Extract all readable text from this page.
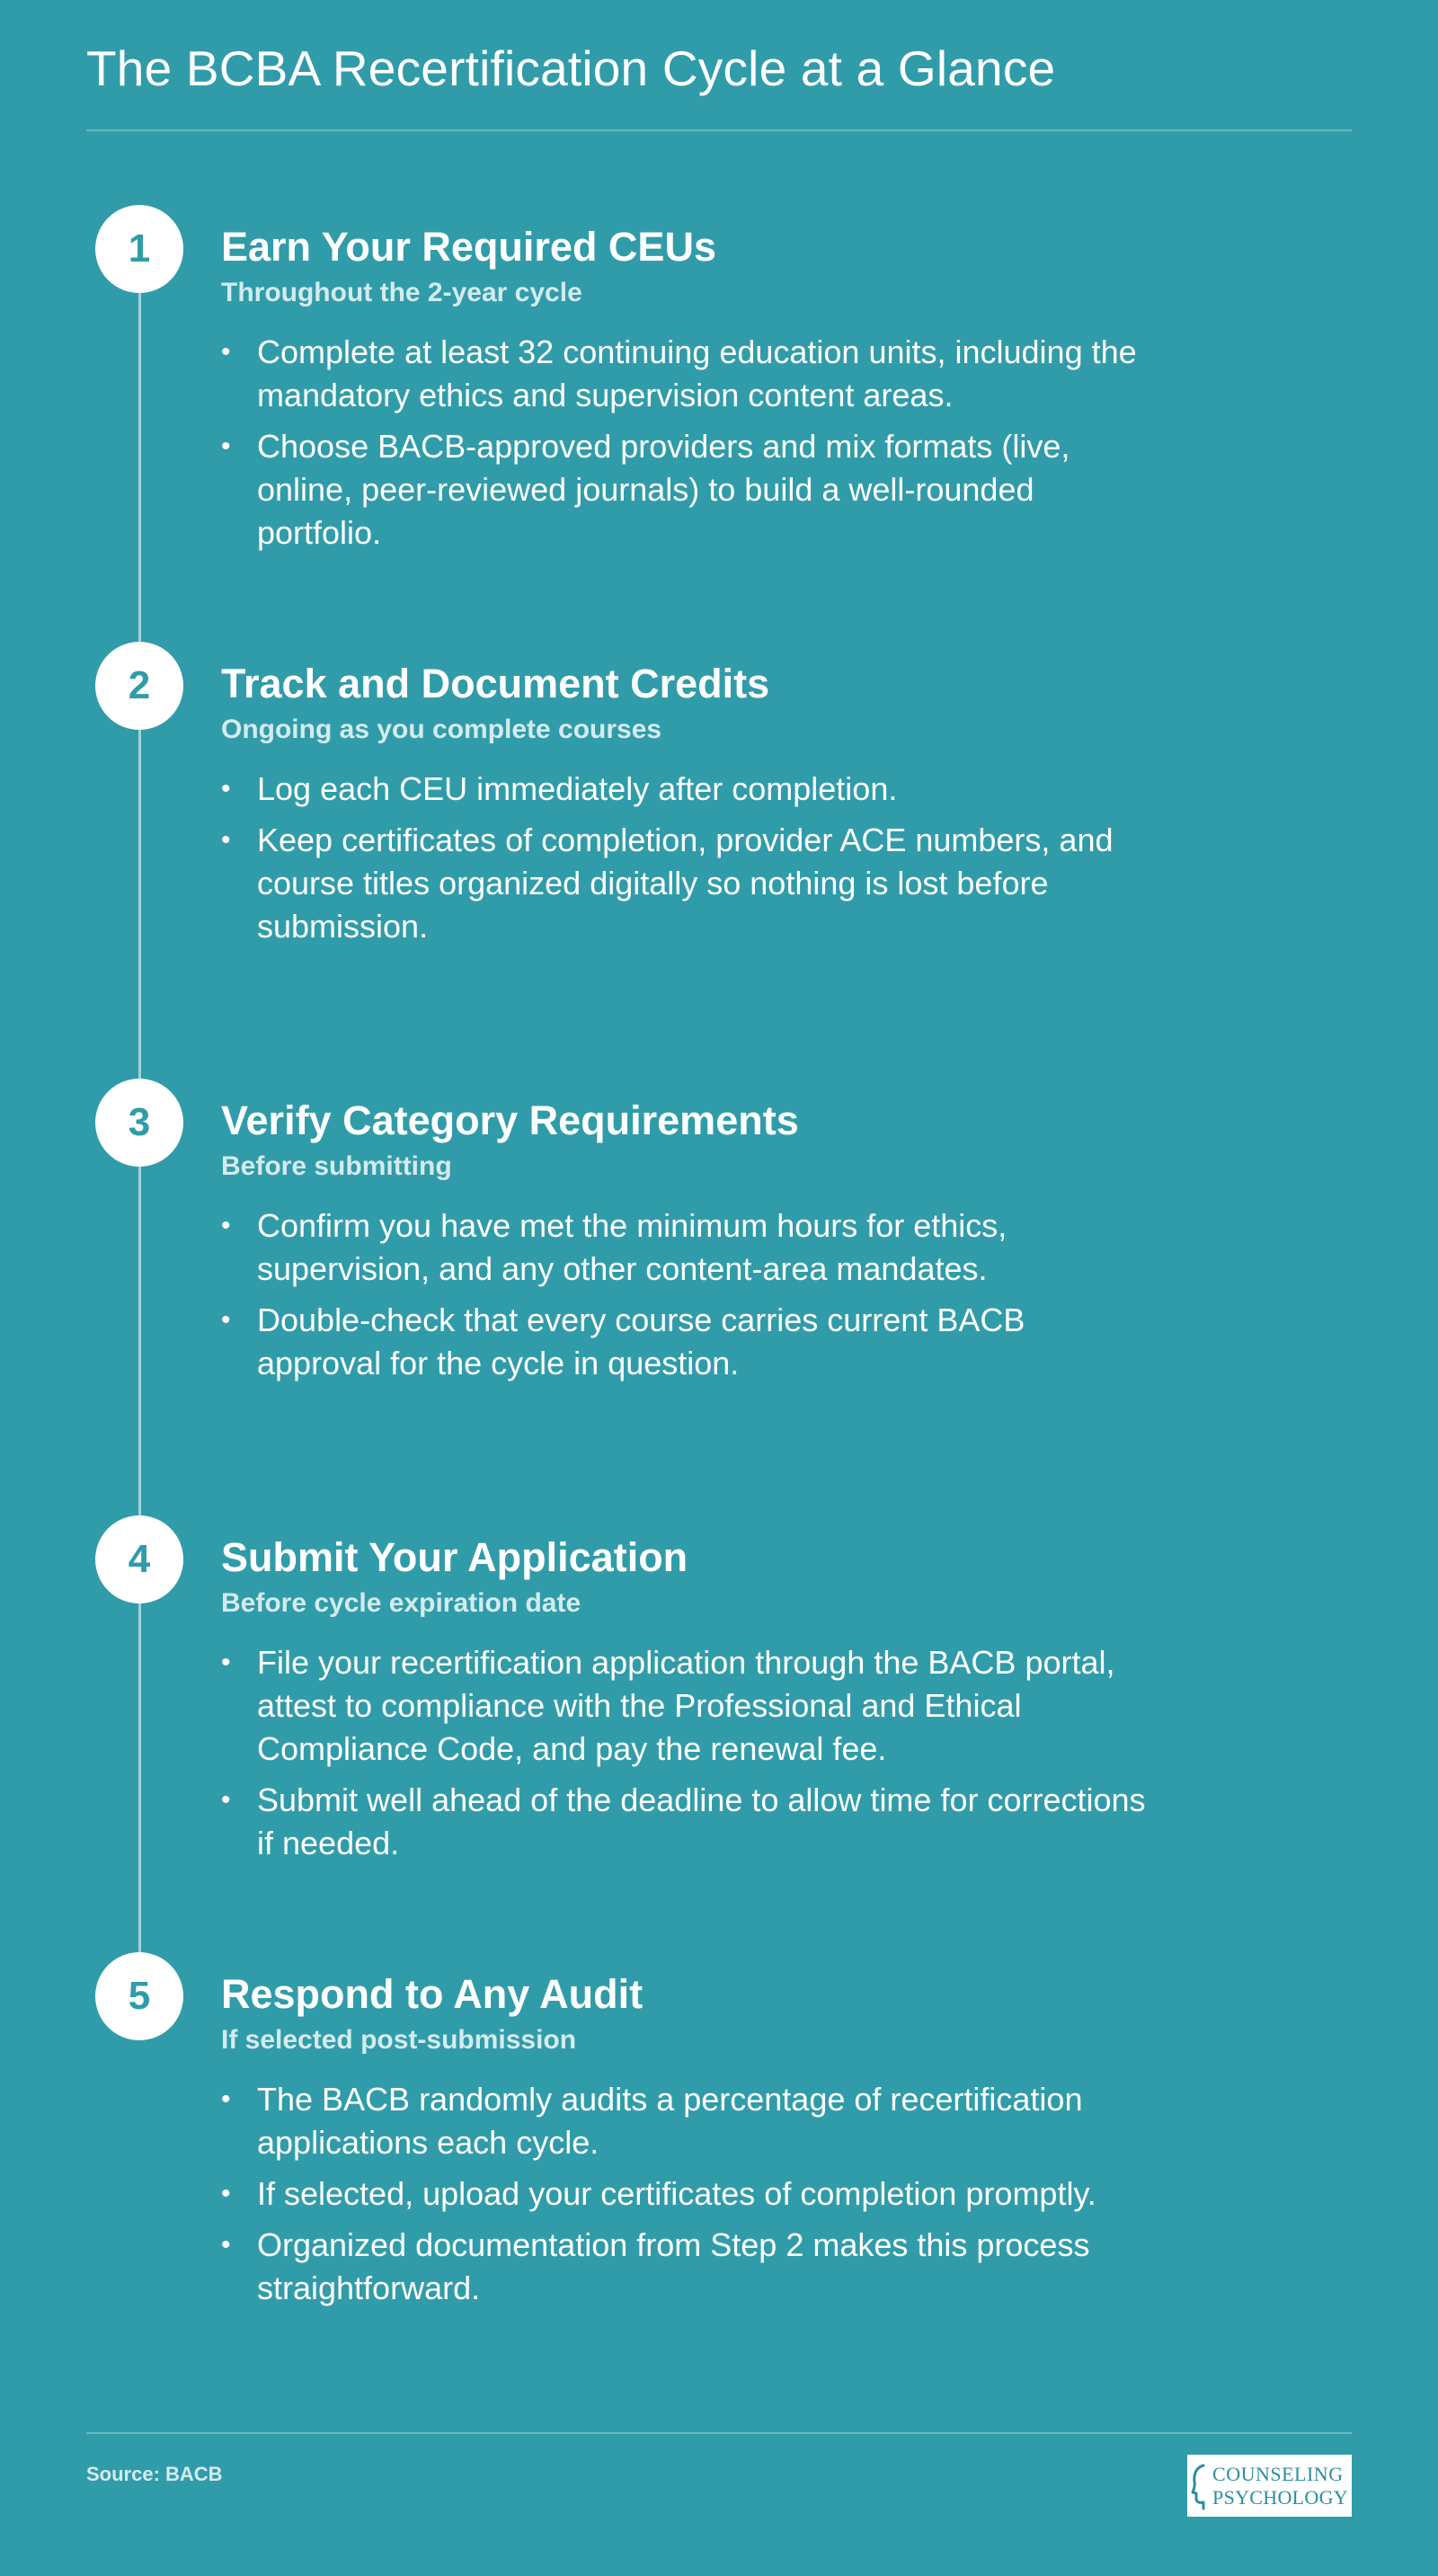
The BCBA Recertification Cycle at a Glance
1	Earn Your Required CEUs
Throughout the 2-year cycle
• Complete at least 32 continuing education units, including the mandatory ethics and supervision content areas.
• Choose BACB-approved providers and mix formats (live, online, peer-reviewed journals) to build a well-rounded portfolio.
2	Track and Document Credits
Ongoing as you complete courses
• Log each CEU immediately after completion.
• Keep certificates of completion, provider ACE numbers, and course titles organized digitally so nothing is lost before submission.
3	Verify Category Requirements
Before submitting
• Confirm you have met the minimum hours for ethics, supervision, and any other content-area mandates.
• Double-check that every course carries current BACB approval for the cycle in question.
4	Submit Your Application
Before cycle expiration date
• File your recertification application through the BACB portal, attest to compliance with the Professional and Ethical Compliance Code, and pay the renewal fee.
• Submit well ahead of the deadline to allow time for corrections if needed.
5	Respond to Any Audit
If selected post-submission
• The BACB randomly audits a percentage of recertification applications each cycle.
• If selected, upload your certificates of completion promptly.
• Organized documentation from Step 2 makes this process straightforward.
Source: BACB	COUNSELING
PSYCHOLOGY
